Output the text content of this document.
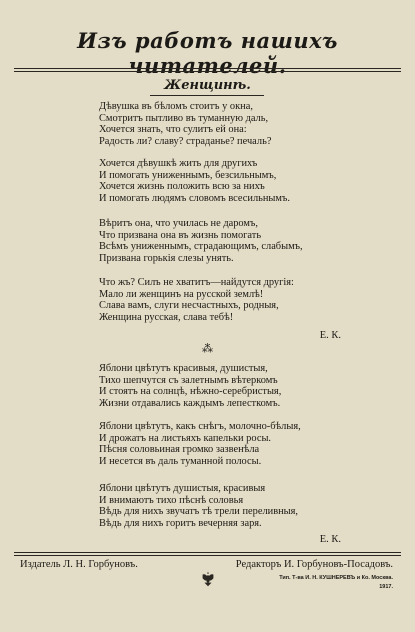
Изъ работъ нашихъ читателей.
Женщинѣ.
Дѣвушка въ бѣломъ стоитъ у окна,
Смотритъ пытливо въ туманную даль,
Хочется знать, что сулитъ ей она:
Радость ли? славу? страданье? печаль?
Хочется дѣвушкѣ жить для другихъ
И помогать униженнымъ, безсильнымъ,
Хочется жизнь положить всю за нихъ
И помогать людямъ словомъ всесильнымъ.
Вѣритъ она, что училась не даромъ,
Что призвана она въ жизнь помогать
Всѣмъ униженнымъ, страдающимъ, слабымъ,
Призвана горькія слезы унять.
Что жъ? Силъ не хватитъ—найдутся другія:
Мало ли женщинъ на русской землѣ!
Слава вамъ, слуги несчастныхъ, родныя,
Женщина русская, слава тебѣ!
Е. К.
⁂
Яблони цвѣтутъ красивыя, душистыя,
Тихо шепчутся съ залетнымъ вѣтеркомъ
И стоятъ на солнцѣ, нѣжно-серебристыя,
Жизни отдавались каждымъ лепесткомъ.
Яблони цвѣтутъ, какъ снѣгъ, молочно-бѣлыя,
И дрожатъ на листьяхъ капельки росы.
Пѣсня соловьиная громко зазвенѣла
И несется въ даль туманной полосы.
Яблони цвѣтутъ душистыя, красивыя
И внимаютъ тихо пѣснѣ соловья
Вѣдь для нихъ звучатъ тѣ трели переливныя,
Вѣдь для нихъ горитъ вечерняя заря.
Е. К.
Издатель Л. Н. Горбуновъ.	Редакторъ И. Горбуновъ-Посадовъ.
Тип. Т-ва И. Н. КУШНЕРЕВЪ и Ко. Москва.
1917.
